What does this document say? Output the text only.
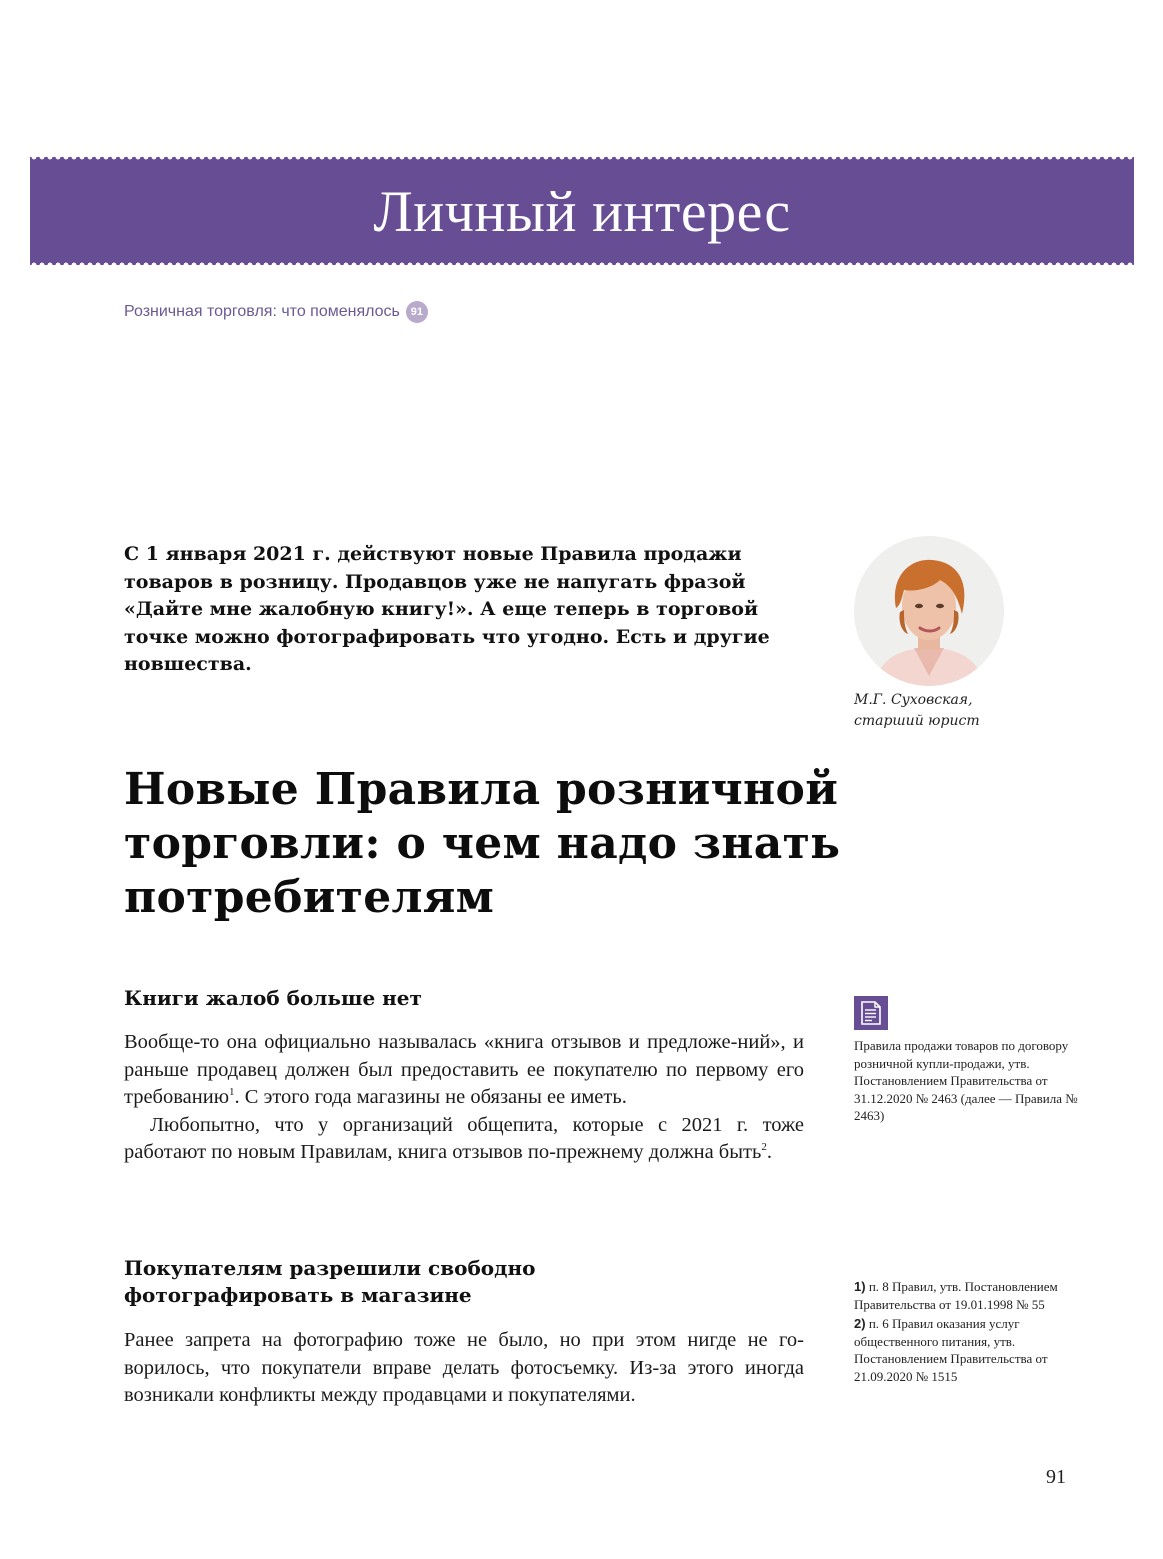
Личный интерес
Розничная торговля: что поменялось 91
С 1 января 2021 г. действуют новые Правила продажи товаров в розницу. Продавцов уже не напугать фразой «Дайте мне жалобную книгу!». А еще теперь в торговой точке можно фотографировать что угодно. Есть и другие новшества.
М.Г. Суховская,
старший юрист
Новые Правила розничной торговли: о чем надо знать потребителям
Книги жалоб больше нет

Вообще-то она официально называлась «книга отзывов и предложе-ний», и раньше продавец должен был предоставить ее покупателю по первому его требованию$^1$. С этого года магазины не обязаны ее иметь.

Любопытно, что у организаций общепита, которые с 2021 г. тоже работают по новым Правилам, книга отзывов по-прежнему должна быть$^2$.

Покупателям разрешили свободно фотографировать в магазине

Ранее запрета на фотографию тоже не было, но при этом нигде не го-ворилось, что покупатели вправе делать фотосъемку. Из-за этого иногда возникали конфликты между продавцами и покупателями.

Правила продажи товаров по договору розничной купли-продажи, утв. Постановлением Правительства от 31.12.2020 № 2463 (далее — Правила № 2463)
1) п. 8 Правил, утв. Постановлением Правительства от 19.01.1998 № 55
2) п. 6 Правил оказания услуг общественного питания, утв. Постановлением Правительства от 21.09.2020 № 1515
91
